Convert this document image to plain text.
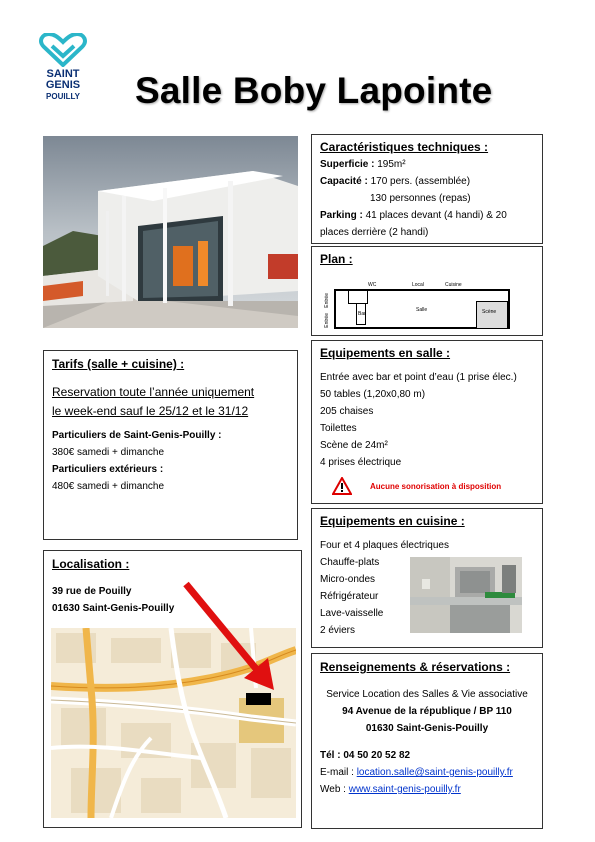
SAINT
GENIS
POUILLY Salle Boby Lapointe
Caractéristiques techniques :
Superficie : 195m²
Capacité : 170 pers. (assemblée)
130 personnes (repas)
Parking : 41 places devant (4 handi) & 20
places derrière (2 handi)
Plan :
Salle
Bar	Scène
WC	Local	Cuisine
Entrée
Entrée
Tarifs (salle + cuisine) :
Reservation toute l’année uniquement
le week-end sauf le 25/12 et le 31/12
Particuliers de Saint-Genis-Pouilly :
380€ samedi + dimanche
Particuliers extérieurs :
480€ samedi + dimanche
Equipements en salle :
Entrée avec bar et point d’eau (1 prise élec.)
50 tables (1,20x0,80 m)
205 chaises
Toilettes
Scène de 24m²
4 prises électrique
Aucune sonorisation à disposition
Equipements en cuisine :
Four et 4 plaques électriques
Chauffe-plats
Micro-ondes
Réfrigérateur
Lave-vaisselle
2 éviers
Localisation :
39 rue de Pouilly
01630 Saint-Genis-Pouilly
Renseignements & réservations :
Service Location des Salles & Vie associative
94 Avenue de la république / BP 110
01630 Saint-Genis-Pouilly
Tél : 04 50 20 52 82
E-mail : location.salle@saint-genis-pouilly.fr
Web : www.saint-genis-pouilly.fr
